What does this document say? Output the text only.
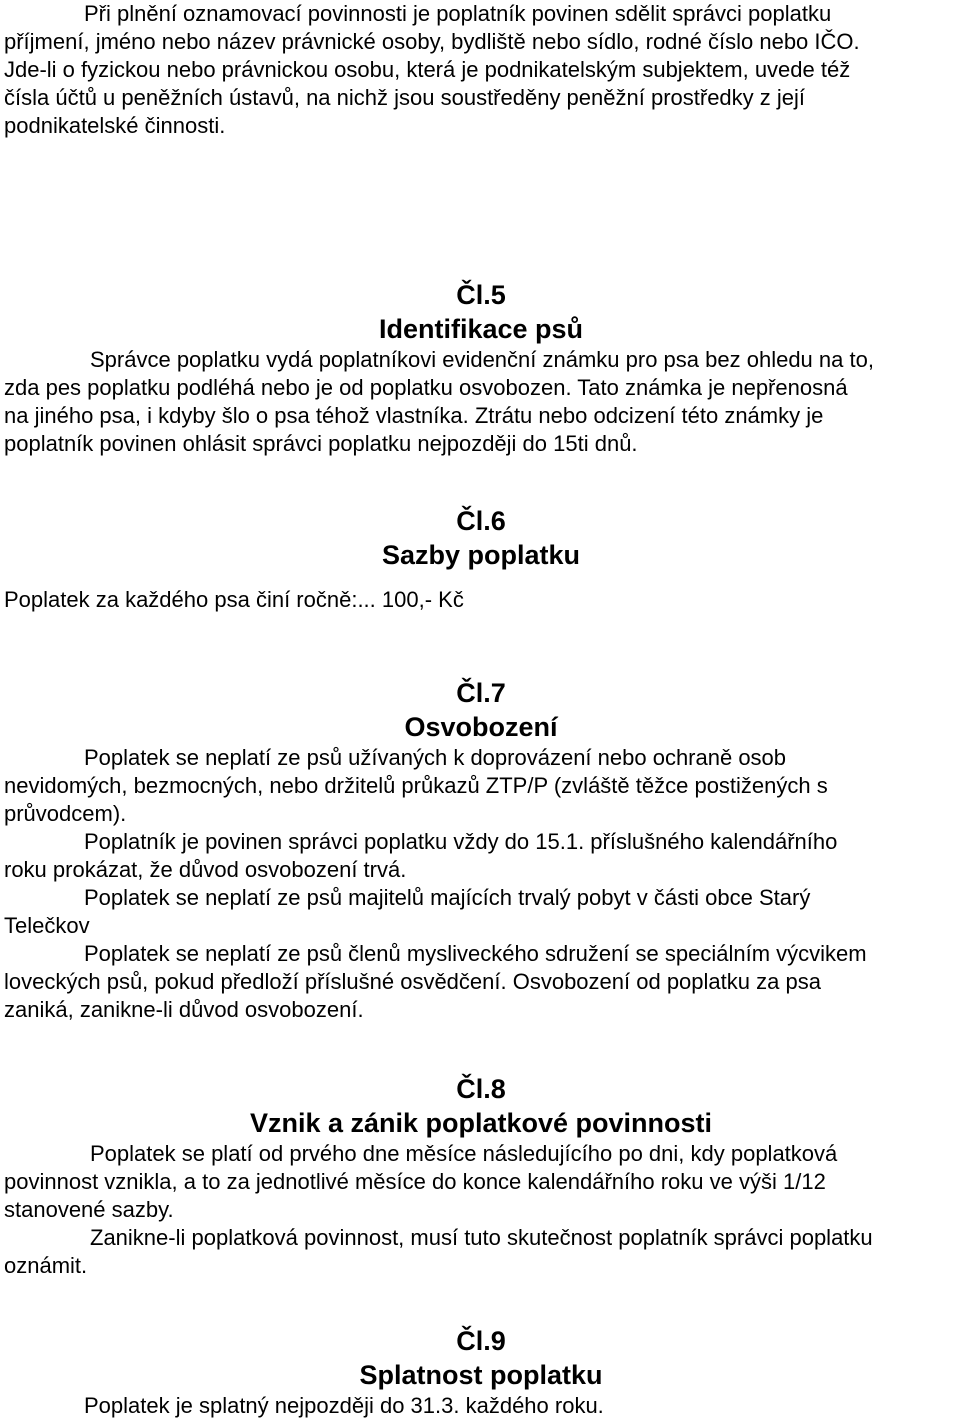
Při plnění oznamovací povinnosti je poplatník povinen sdělit správci poplatku
příjmení, jméno nebo název právnické osoby, bydliště nebo sídlo, rodné číslo nebo IČO.
Jde-li o fyzickou nebo právnickou osobu, která je podnikatelským subjektem, uvede též
čísla účtů u peněžních ústavů, na nichž jsou soustředěny peněžní prostředky z její
podnikatelské činnosti.
Čl.5
Identifikace psů
Správce poplatku vydá poplatníkovi evidenční známku pro psa bez ohledu na to,
zda pes poplatku podléhá nebo je od poplatku osvobozen. Tato známka je nepřenosná
na jiného psa, i kdyby šlo o psa téhož vlastníka. Ztrátu nebo odcizení této známky je
poplatník povinen ohlásit správci poplatku nejpozději do 15ti dnů.
Čl.6
Sazby poplatku
Poplatek za každého psa činí ročně:... 100,- Kč
Čl.7
Osvobození
Poplatek se neplatí ze psů užívaných k doprovázení nebo ochraně osob
nevidomých, bezmocných, nebo držitelů průkazů ZTP/P (zvláště těžce postižených s
průvodcem).
Poplatník je povinen správci poplatku vždy do 15.1. příslušného kalendářního
roku prokázat, že důvod osvobození trvá.
Poplatek se neplatí ze psů majitelů majících trvalý pobyt v části obce Starý
Telečkov
Poplatek se neplatí ze psů členů mysliveckého sdružení se speciálním výcvikem
loveckých psů, pokud předloží příslušné osvědčení. Osvobození od poplatku za psa
zaniká, zanikne-li důvod osvobození.
Čl.8
Vznik a zánik poplatkové povinnosti
Poplatek se platí od prvého dne měsíce následujícího po dni, kdy poplatková
povinnost vznikla, a to za jednotlivé měsíce do konce kalendářního roku ve výši 1/12
stanovené sazby.
Zanikne-li poplatková povinnost, musí tuto skutečnost poplatník správci poplatku
oznámit.
Čl.9
Splatnost poplatku
Poplatek je splatný nejpozději do 31.3. každého roku.
